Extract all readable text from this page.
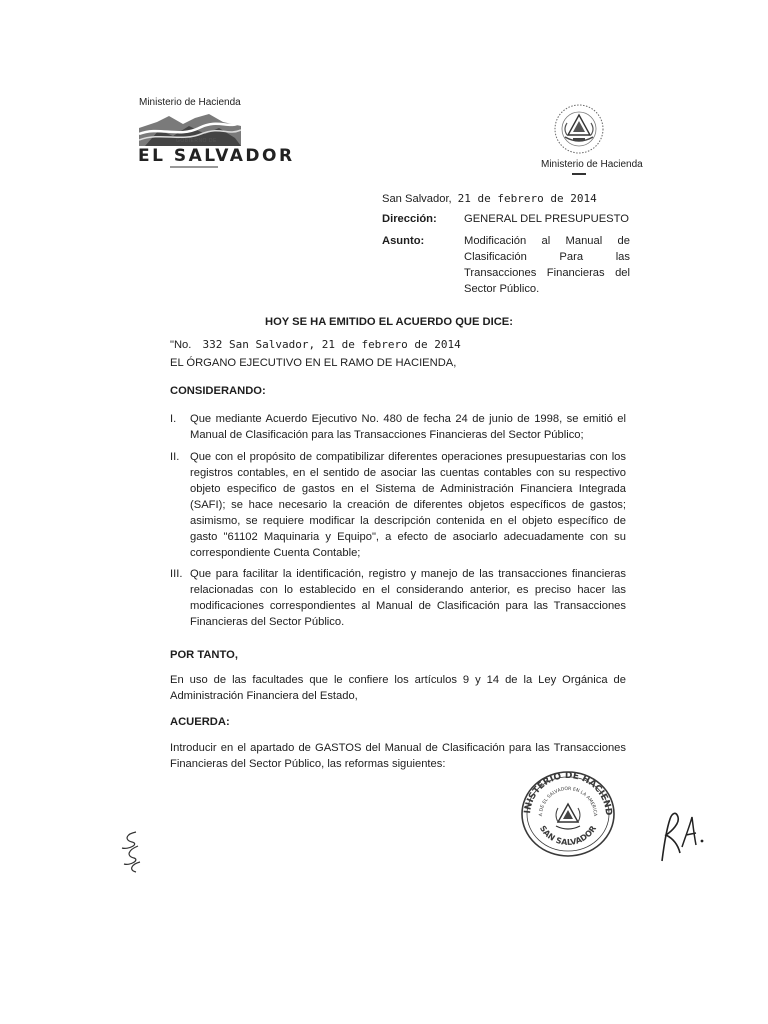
Ministerio de Hacienda
GOBIERNO DE
EL SALVADOR	Ministerio de Hacienda
San Salvador, 21 de febrero de 2014
Dirección:	GENERAL DEL PRESUPUESTO
Asunto:	Modificación al Manual de Clasificación Para las Transacciones Financieras del Sector Público.
HOY SE HA EMITIDO EL ACUERDO QUE DICE:
"No. 332 San Salvador, 21 de febrero de 2014
EL ÓRGANO EJECUTIVO EN EL RAMO DE HACIENDA,
CONSIDERANDO:
I.	Que mediante Acuerdo Ejecutivo No. 480 de fecha 24 de junio de 1998, se emitió el Manual de Clasificación para las Transacciones Financieras del Sector Público;
II. Que con el propósito de compatibilizar diferentes operaciones presupuestarias con los registros contables, en el sentido de asociar las cuentas contables con su respectivo objeto especifico de gastos en el Sistema de Administración Financiera Integrada (SAFI); se hace necesario la creación de diferentes objetos específicos de gastos; asimismo, se requiere modificar la descripción contenida en el objeto específico de gasto "61102 Maquinaria y Equipo", a efecto de asociarlo adecuadamente con su correspondiente Cuenta Contable;
III. Que para facilitar la identificación, registro y manejo de las transacciones financieras relacionadas con lo establecido en el considerando anterior, es preciso hacer las modificaciones correspondientes al Manual de Clasificación para las Transacciones Financieras del Sector Público.
POR TANTO,
En uso de las facultades que le confiere los artículos 9 y 14 de la Ley Orgánica de Administración Financiera del Estado,
ACUERDA:
Introducir en el apartado de GASTOS del Manual de Clasificación para las Transacciones Financieras del Sector Público, las reformas siguientes:
INISTERIO DE HACIEND
A DE EL SALVADOR EN LA AMERICA
SAN SALVADOR
